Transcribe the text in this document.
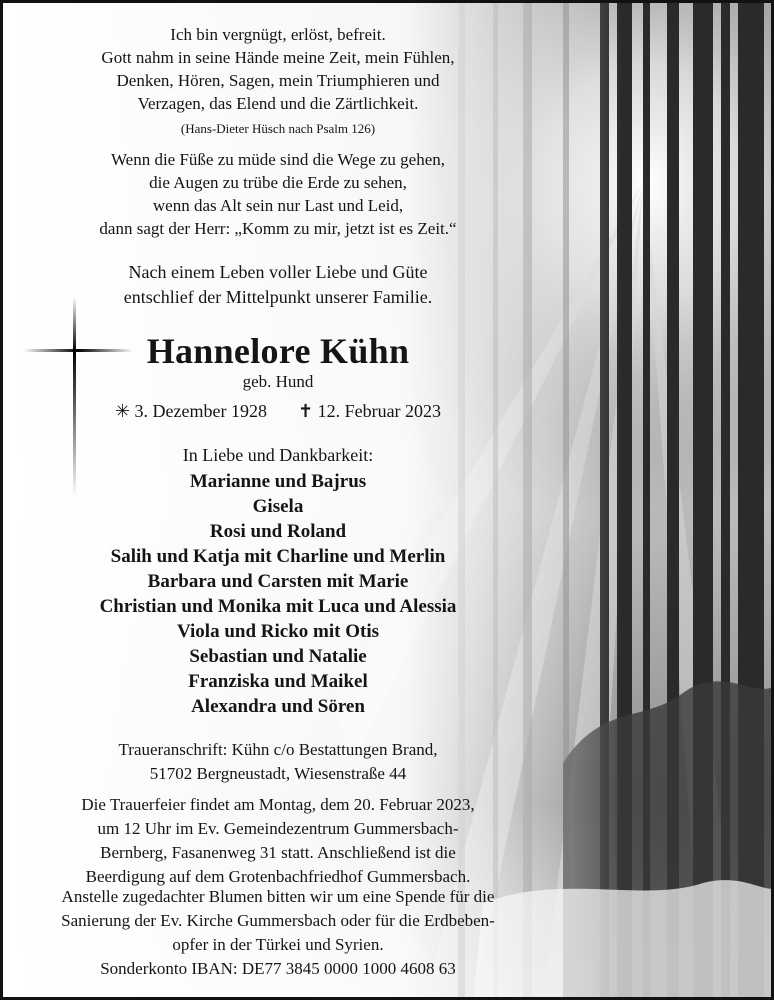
Ich bin vergnügt, erlöst, befreit.
Gott nahm in seine Hände meine Zeit, mein Fühlen,
Denken, Hören, Sagen, mein Triumphieren und
Verzagen, das Elend und die Zärtlichkeit.
(Hans-Dieter Hüsch nach Psalm 126)
Wenn die Füße zu müde sind die Wege zu gehen,
die Augen zu trübe die Erde zu sehen,
wenn das Alt sein nur Last und Leid,
dann sagt der Herr: „Komm zu mir, jetzt ist es Zeit.“
Nach einem Leben voller Liebe und Güte
entschlief der Mittelpunkt unserer Familie.
Hannelore Kühn
geb. Hund
✳ 3. Dezember 1928 ✝ 12. Februar 2023
In Liebe und Dankbarkeit:
Marianne und Bajrus
Gisela
Rosi und Roland
Salih und Katja mit Charline und Merlin
Barbara und Carsten mit Marie
Christian und Monika mit Luca und Alessia
Viola und Ricko mit Otis
Sebastian und Natalie
Franziska und Maikel
Alexandra und Sören
Traueranschrift: Kühn c/o Bestattungen Brand,
51702 Bergneustadt, Wiesenstraße 44
Die Trauerfeier findet am Montag, dem 20. Februar 2023,
um 12 Uhr im Ev. Gemeindezentrum Gummersbach-
Bernberg, Fasanenweg 31 statt. Anschließend ist die
Beerdigung auf dem Grotenbachfriedhof Gummersbach.
Anstelle zugedachter Blumen bitten wir um eine Spende für die
Sanierung der Ev. Kirche Gummersbach oder für die Erdbeben-
opfer in der Türkei und Syrien.
Sonderkonto IBAN: DE77 3845 0000 1000 4608 63
